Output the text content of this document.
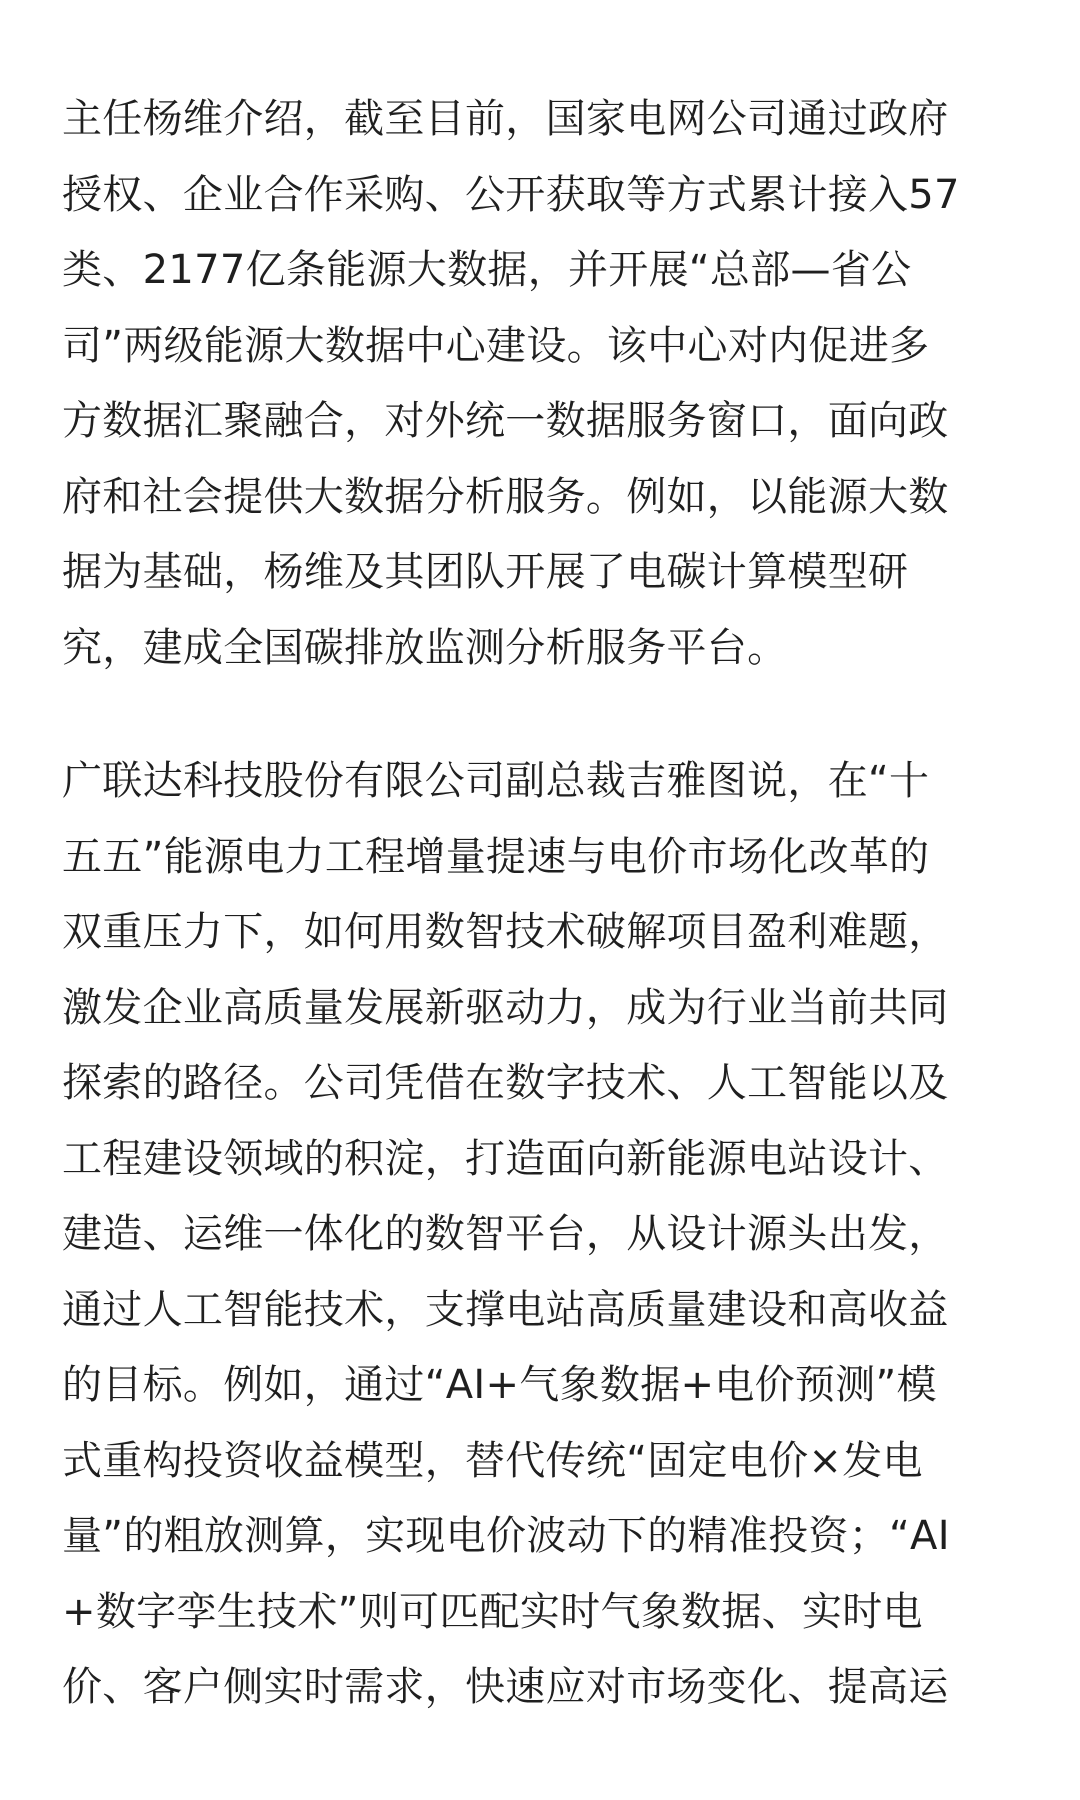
主任杨维介绍，截至目前，国家电网公司通过政府
授权、企业合作采购、公开获取等方式累计接入57
类、2177亿条能源大数据，并开展“总部—省公
司”两级能源大数据中心建设。该中心对内促进多
方数据汇聚融合，对外统一数据服务窗口，面向政
府和社会提供大数据分析服务。例如，以能源大数
据为基础，杨维及其团队开展了电碳计算模型研
究，建成全国碳排放监测分析服务平台。
广联达科技股份有限公司副总裁吉雅图说，在“十
五五”能源电力工程增量提速与电价市场化改革的
双重压力下，如何用数智技术破解项目盈利难题，
激发企业高质量发展新驱动力，成为行业当前共同
探索的路径。公司凭借在数字技术、人工智能以及
工程建设领域的积淀，打造面向新能源电站设计、
建造、运维一体化的数智平台，从设计源头出发，
通过人工智能技术，支撑电站高质量建设和高收益
的目标。例如，通过“AI+气象数据+电价预测”模
式重构投资收益模型，替代传统“固定电价×发电
量”的粗放测算，实现电价波动下的精准投资；“AI
+数字孪生技术”则可匹配实时气象数据、实时电
价、客户侧实时需求，快速应对市场变化、提高运
